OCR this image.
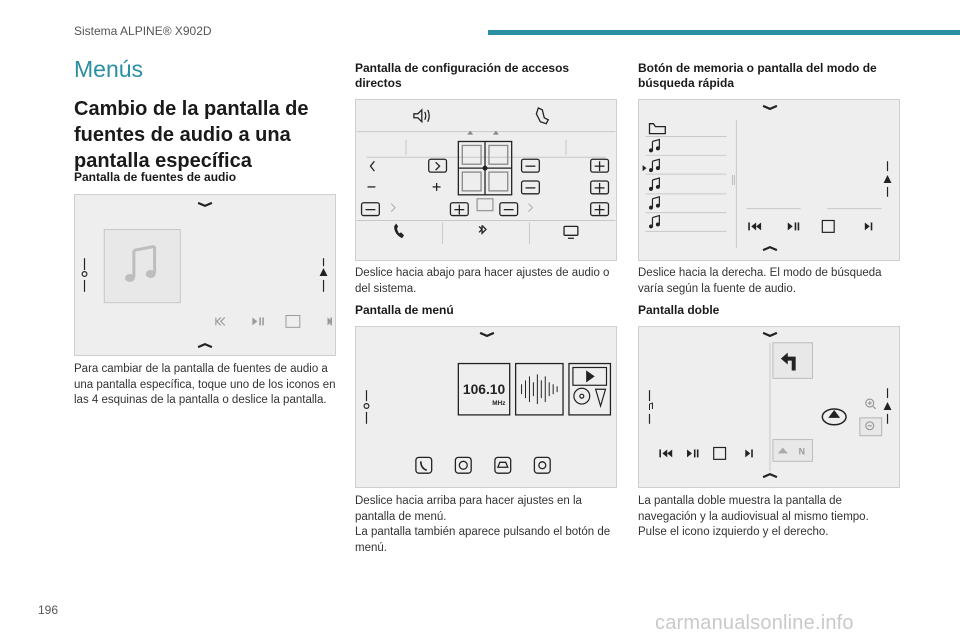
Sistema ALPINE® X902D
Menús
Cambio de la pantalla de fuentes de audio a una pantalla específica
Pantalla de fuentes de audio
Para cambiar de la pantalla de fuentes de audio a una pantalla específica, toque uno de los iconos en las 4 esquinas de la pantalla o deslice la pantalla.
Pantalla de configuración de accesos directos
Deslice hacia abajo para hacer ajustes de audio o del sistema.
Pantalla de menú
106.10
MHz
Deslice hacia arriba para hacer ajustes en la pantalla de menú.
La pantalla también aparece pulsando el botón de menú.
Botón de memoria o pantalla del modo de búsqueda rápida
Deslice hacia la derecha. El modo de búsqueda varía según la fuente de audio.
Pantalla doble
N
La pantalla doble muestra la pantalla de navegación y la audiovisual al mismo tiempo. Pulse el icono izquierdo y el derecho.
196
carmanualsonline.info
